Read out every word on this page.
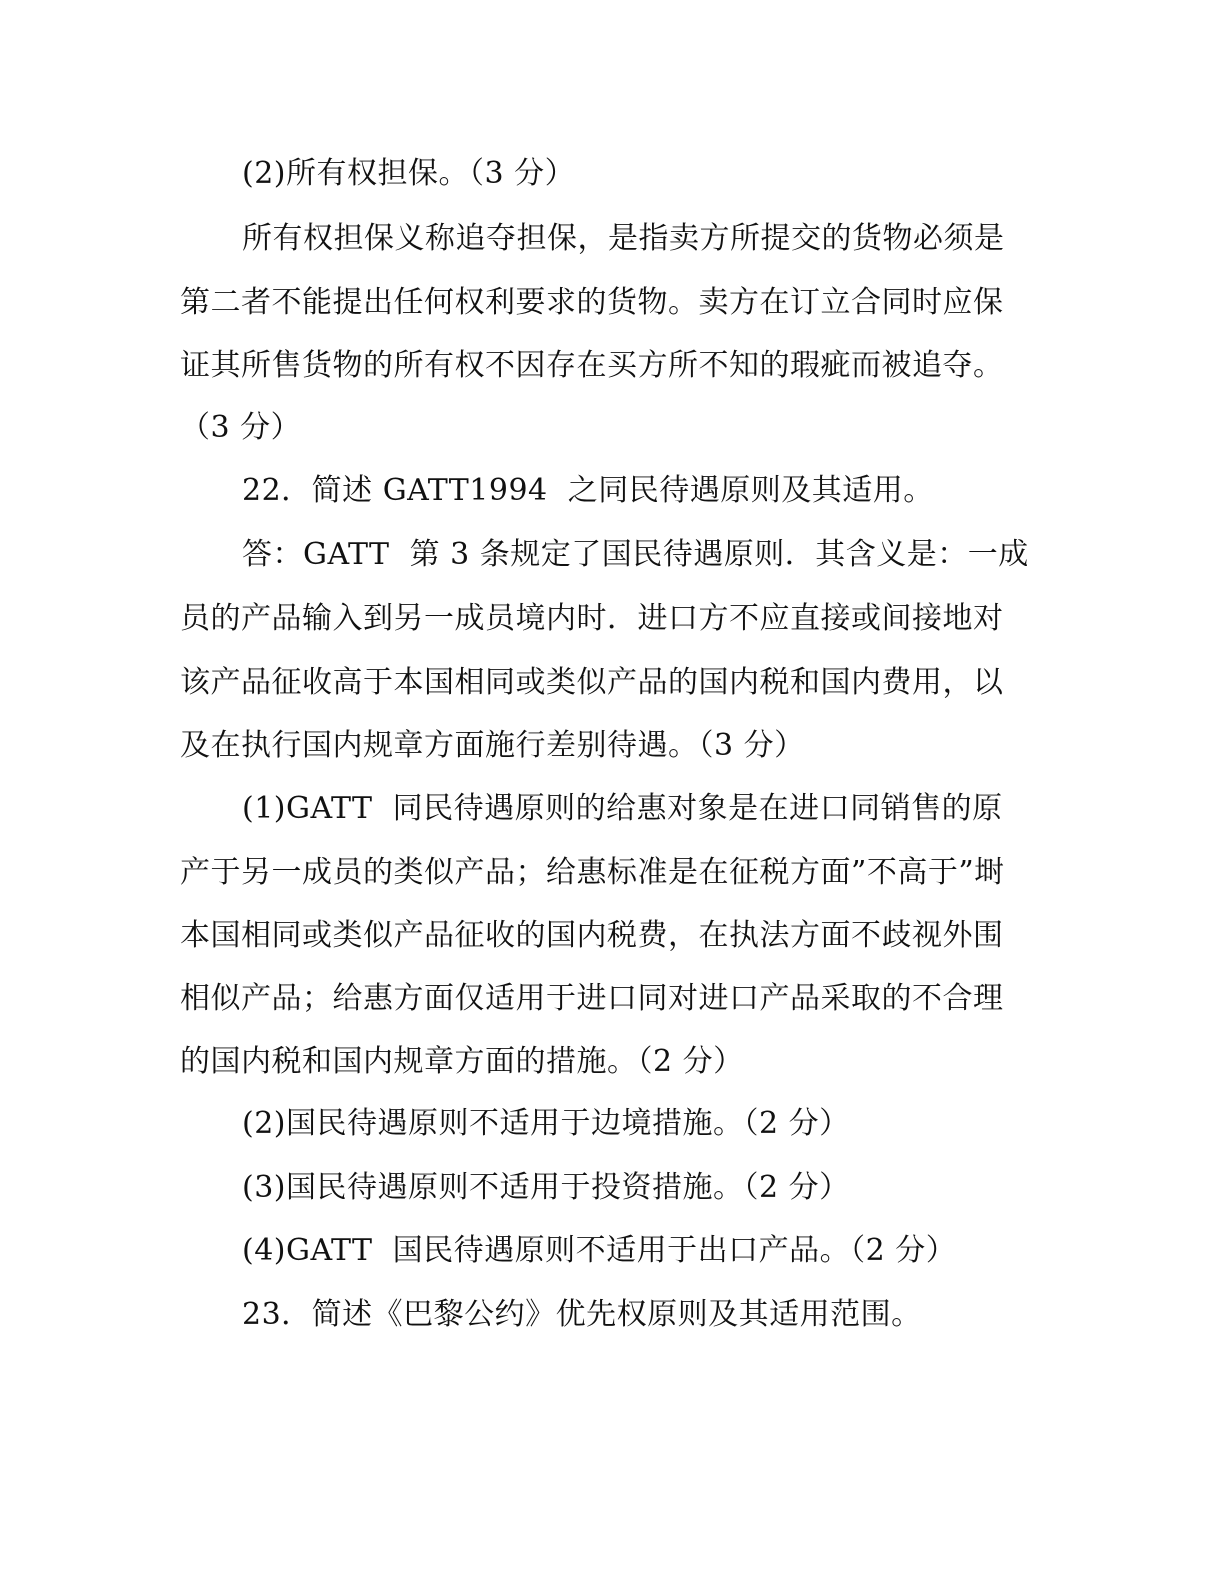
(2)所有权担保。（3 分）
所有权担保义称追夺担保，是指卖方所提交的货物必须是
第二者不能提出任何权利要求的货物。卖方在订立合同时应保
证其所售货物的所有权不因存在买方所不知的瑕疵而被追夺。
（3 分）
22．简述 GATT1994  之同民待遇原则及其适用。
答：GATT  第 3 条规定了国民待遇原则．其含义是：一成
员的产品输入到另一成员境内时．进口方不应直接或间接地对
该产品征收高于本国相同或类似产品的国内税和国内费用，以
及在执行国内规章方面施行差别待遇。（3 分）
(1)GATT  同民待遇原则的给惠对象是在进口同销售的原
产于另一成员的类似产品；给惠标准是在征税方面”不高于”埘
本国相同或类似产品征收的国内税费，在执法方面不歧视外围
相似产品；给惠方面仅适用于进口同对进口产品采取的不合理
的国内税和国内规章方面的措施。（2 分）
(2)国民待遇原则不适用于边境措施。（2 分）
(3)国民待遇原则不适用于投资措施。（2 分）
(4)GATT  国民待遇原则不适用于出口产品。（2 分）
23．简述《巴黎公约》优先权原则及其适用范围。
